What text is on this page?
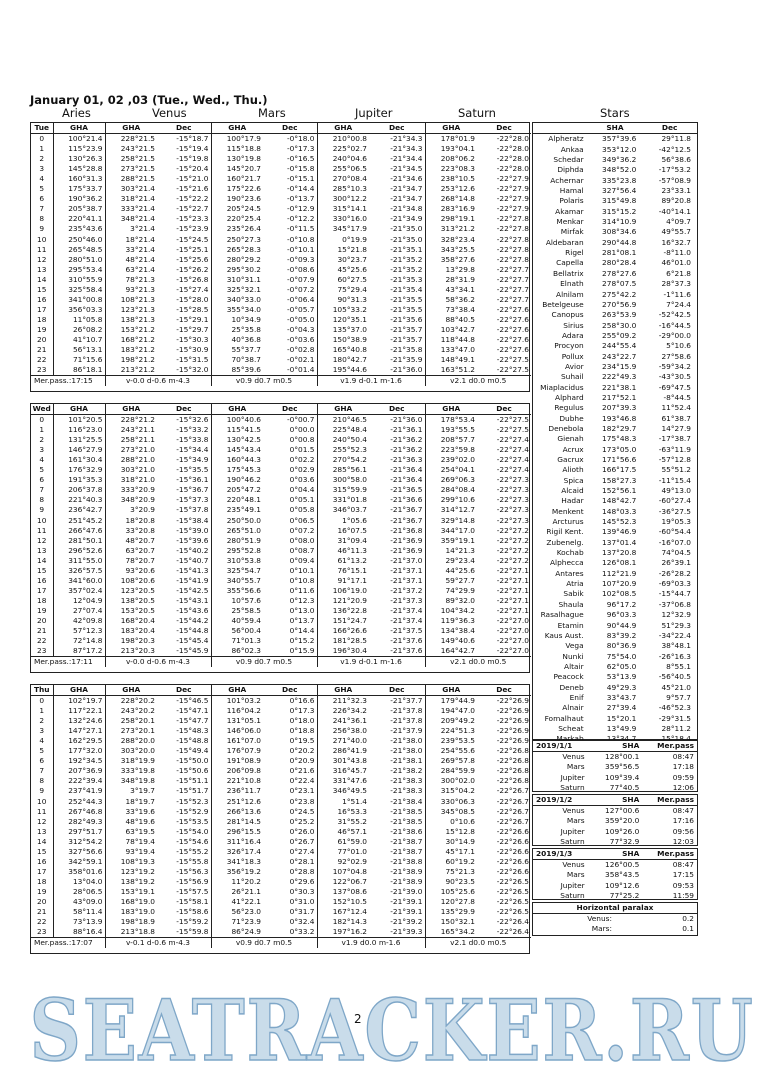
January 01, 02 ,03 (Tue., Wed., Thu.)
Aries	Venus	Mars	Jupiter	Saturn	Stars
Tue	GHA	GHA	Dec	GHA	Dec	GHA	Dec	GHA	Dec
0	100°21.4	228°21.5	-15°18.7	100°17.9	-0°18.0	210°00.8	-21°34.3	178°01.9	-22°28.0
1	115°23.9	243°21.5	-15°19.4	115°18.8	-0°17.3	225°02.7	-21°34.3	193°04.1	-22°28.0
2	130°26.3	258°21.5	-15°19.8	130°19.8	-0°16.5	240°04.6	-21°34.4	208°06.2	-22°28.0
3	145°28.8	273°21.5	-15°20.4	145°20.7	-0°15.8	255°06.5	-21°34.5	223°08.3	-22°28.0
4	160°31.3	288°21.5	-15°21.0	160°21.7	-0°15.1	270°08.4	-21°34.6	238°10.5	-22°27.9
5	175°33.7	303°21.4	-15°21.6	175°22.6	-0°14.4	285°10.3	-21°34.7	253°12.6	-22°27.9
6	190°36.2	318°21.4	-15°22.2	190°23.6	-0°13.7	300°12.2	-21°34.7	268°14.8	-22°27.9
7	205°38.7	333°21.4	-15°22.7	205°24.5	-0°12.9	315°14.1	-21°34.8	283°16.9	-22°27.9
8	220°41.1	348°21.4	-15°23.3	220°25.4	-0°12.2	330°16.0	-21°34.9	298°19.1	-22°27.8
9	235°43.6	3°21.4	-15°23.9	235°26.4	-0°11.5	345°17.9	-21°35.0	313°21.2	-22°27.8
10	250°46.0	18°21.4	-15°24.5	250°27.3	-0°10.8	0°19.9	-21°35.0	328°23.4	-22°27.8
11	265°48.5	33°21.4	-15°25.1	265°28.3	-0°10.1	15°21.8	-21°35.1	343°25.5	-22°27.8
12	280°51.0	48°21.4	-15°25.6	280°29.2	-0°09.3	30°23.7	-21°35.2	358°27.6	-22°27.8
13	295°53.4	63°21.4	-15°26.2	295°30.2	-0°08.6	45°25.6	-21°35.2	13°29.8	-22°27.7
14	310°55.9	78°21.3	-15°26.8	310°31.1	-0°07.9	60°27.5	-21°35.3	28°31.9	-22°27.7
15	325°58.4	93°21.3	-15°27.4	325°32.1	-0°07.2	75°29.4	-21°35.4	43°34.1	-22°27.7
16	341°00.8	108°21.3	-15°28.0	340°33.0	-0°06.4	90°31.3	-21°35.5	58°36.2	-22°27.7
17	356°03.3	123°21.3	-15°28.5	355°34.0	-0°05.7	105°33.2	-21°35.5	73°38.4	-22°27.6
18	11°05.8	138°21.3	-15°29.1	10°34.9	-0°05.0	120°35.1	-21°35.6	88°40.5	-22°27.6
19	26°08.2	153°21.2	-15°29.7	25°35.8	-0°04.3	135°37.0	-21°35.7	103°42.7	-22°27.6
20	41°10.7	168°21.2	-15°30.3	40°36.8	-0°03.6	150°38.9	-21°35.7	118°44.8	-22°27.6
21	56°13.1	183°21.2	-15°30.9	55°37.7	-0°02.8	165°40.8	-21°35.8	133°47.0	-22°27.6
22	71°15.6	198°21.2	-15°31.5	70°38.7	-0°02.1	180°42.7	-21°35.9	148°49.1	-22°27.5
23	86°18.1	213°21.2	-15°32.0	85°39.6	-0°01.4	195°44.6	-21°36.0	163°51.2	-22°27.5
Mer.pass.:17:15		v-0.0 d-0.6 m-4.3		v0.9 d0.7 m0.5		v1.9 d-0.1 m-1.6		v2.1 d0.0 m0.5	
Wed	GHA	GHA	Dec	GHA	Dec	GHA	Dec	GHA	Dec
0	101°20.5	228°21.2	-15°32.6	100°40.6	-0°00.7	210°46.5	-21°36.0	178°53.4	-22°27.5
1	116°23.0	243°21.1	-15°33.2	115°41.5	0°00.0	225°48.4	-21°36.1	193°55.5	-22°27.5
2	131°25.5	258°21.1	-15°33.8	130°42.5	0°00.8	240°50.4	-21°36.2	208°57.7	-22°27.4
3	146°27.9	273°21.0	-15°34.4	145°43.4	0°01.5	255°52.3	-21°36.2	223°59.8	-22°27.4
4	161°30.4	288°21.0	-15°34.9	160°44.3	0°02.2	270°54.2	-21°36.3	239°02.0	-22°27.4
5	176°32.9	303°21.0	-15°35.5	175°45.3	0°02.9	285°56.1	-21°36.4	254°04.1	-22°27.4
6	191°35.3	318°21.0	-15°36.1	190°46.2	0°03.6	300°58.0	-21°36.4	269°06.3	-22°27.3
7	206°37.8	333°20.9	-15°36.7	205°47.2	0°04.4	315°59.9	-21°36.5	284°08.4	-22°27.3
8	221°40.3	348°20.9	-15°37.3	220°48.1	0°05.1	331°01.8	-21°36.6	299°10.6	-22°27.3
9	236°42.7	3°20.9	-15°37.8	235°49.1	0°05.8	346°03.7	-21°36.7	314°12.7	-22°27.3
10	251°45.2	18°20.8	-15°38.4	250°50.0	0°06.5	1°05.6	-21°36.7	329°14.8	-22°27.3
11	266°47.6	33°20.8	-15°39.0	265°51.0	0°07.2	16°07.5	-21°36.8	344°17.0	-22°27.2
12	281°50.1	48°20.7	-15°39.6	280°51.9	0°08.0	31°09.4	-21°36.9	359°19.1	-22°27.2
13	296°52.6	63°20.7	-15°40.2	295°52.8	0°08.7	46°11.3	-21°36.9	14°21.3	-22°27.2
14	311°55.0	78°20.7	-15°40.7	310°53.8	0°09.4	61°13.2	-21°37.0	29°23.4	-22°27.2
15	326°57.5	93°20.6	-15°41.3	325°54.7	0°10.1	76°15.1	-21°37.1	44°25.6	-22°27.1
16	341°60.0	108°20.6	-15°41.9	340°55.7	0°10.8	91°17.1	-21°37.1	59°27.7	-22°27.1
17	357°02.4	123°20.5	-15°42.5	355°56.6	0°11.6	106°19.0	-21°37.2	74°29.9	-22°27.1
18	12°04.9	138°20.5	-15°43.1	10°57.6	0°12.3	121°20.9	-21°37.3	89°32.0	-22°27.1
19	27°07.4	153°20.5	-15°43.6	25°58.5	0°13.0	136°22.8	-21°37.4	104°34.2	-22°27.1
20	42°09.8	168°20.4	-15°44.2	40°59.4	0°13.7	151°24.7	-21°37.4	119°36.3	-22°27.0
21	57°12.3	183°20.4	-15°44.8	56°00.4	0°14.4	166°26.6	-21°37.5	134°38.4	-22°27.0
22	72°14.8	198°20.3	-15°45.4	71°01.3	0°15.2	181°28.5	-21°37.6	149°40.6	-22°27.0
23	87°17.2	213°20.3	-15°45.9	86°02.3	0°15.9	196°30.4	-21°37.6	164°42.7	-22°27.0
Mer.pass.:17:11		v-0.0 d-0.6 m-4.3		v0.9 d0.7 m0.5		v1.9 d-0.1 m-1.6		v2.1 d0.0 m0.5	
Thu	GHA	GHA	Dec	GHA	Dec	GHA	Dec	GHA	Dec
0	102°19.7	228°20.2	-15°46.5	101°03.2	0°16.6	211°32.3	-21°37.7	179°44.9	-22°26.9
1	117°22.1	243°20.2	-15°47.1	116°04.2	0°17.3	226°34.2	-21°37.8	194°47.0	-22°26.9
2	132°24.6	258°20.1	-15°47.7	131°05.1	0°18.0	241°36.1	-21°37.8	209°49.2	-22°26.9
3	147°27.1	273°20.1	-15°48.3	146°06.0	0°18.8	256°38.0	-21°37.9	224°51.3	-22°26.9
4	162°29.5	288°20.0	-15°48.8	161°07.0	0°19.5	271°40.0	-21°38.0	239°53.5	-22°26.9
5	177°32.0	303°20.0	-15°49.4	176°07.9	0°20.2	286°41.9	-21°38.0	254°55.6	-22°26.8
6	192°34.5	318°19.9	-15°50.0	191°08.9	0°20.9	301°43.8	-21°38.1	269°57.8	-22°26.8
7	207°36.9	333°19.8	-15°50.6	206°09.8	0°21.6	316°45.7	-21°38.2	284°59.9	-22°26.8
8	222°39.4	348°19.8	-15°51.1	221°10.8	0°22.4	331°47.6	-21°38.3	300°02.0	-22°26.8
9	237°41.9	3°19.7	-15°51.7	236°11.7	0°23.1	346°49.5	-21°38.3	315°04.2	-22°26.7
10	252°44.3	18°19.7	-15°52.3	251°12.6	0°23.8	1°51.4	-21°38.4	330°06.3	-22°26.7
11	267°46.8	33°19.6	-15°52.9	266°13.6	0°24.5	16°53.3	-21°38.5	345°08.5	-22°26.7
12	282°49.3	48°19.6	-15°53.5	281°14.5	0°25.2	31°55.2	-21°38.5	0°10.6	-22°26.7
13	297°51.7	63°19.5	-15°54.0	296°15.5	0°26.0	46°57.1	-21°38.6	15°12.8	-22°26.6
14	312°54.2	78°19.4	-15°54.6	311°16.4	0°26.7	61°59.0	-21°38.7	30°14.9	-22°26.6
15	327°56.6	93°19.4	-15°55.2	326°17.4	0°27.4	77°01.0	-21°38.7	45°17.1	-22°26.6
16	342°59.1	108°19.3	-15°55.8	341°18.3	0°28.1	92°02.9	-21°38.8	60°19.2	-22°26.6
17	358°01.6	123°19.2	-15°56.3	356°19.2	0°28.8	107°04.8	-21°38.9	75°21.3	-22°26.6
18	13°04.0	138°19.2	-15°56.9	11°20.2	0°29.6	122°06.7	-21°38.9	90°23.5	-22°26.5
19	28°06.5	153°19.1	-15°57.5	26°21.1	0°30.3	137°08.6	-21°39.0	105°25.6	-22°26.5
20	43°09.0	168°19.0	-15°58.1	41°22.1	0°31.0	152°10.5	-21°39.1	120°27.8	-22°26.5
21	58°11.4	183°19.0	-15°58.6	56°23.0	0°31.7	167°12.4	-21°39.1	135°29.9	-22°26.5
22	73°13.9	198°18.9	-15°59.2	71°23.9	0°32.4	182°14.3	-21°39.2	150°32.1	-22°26.4
23	88°16.4	213°18.8	-15°59.8	86°24.9	0°33.2	197°16.2	-21°39.3	165°34.2	-22°26.4
Mer.pass.:17:07		v-0.1 d-0.6 m-4.3		v0.9 d0.7 m0.5		v1.9 d0.0 m-1.6		v2.1 d0.0 m0.5	
	SHA	Dec
Alpheratz	357°39.6	29°11.8
Ankaa	353°12.0	-42°12.5
Schedar	349°36.2	56°38.6
Diphda	348°52.0	-17°53.2
Achernar	335°23.8	-57°08.9
Hamal	327°56.4	23°33.1
Polaris	315°49.8	89°20.8
Akamar	315°15.2	-40°14.1
Menkar	314°10.9	4°09.7
Mirfak	308°34.6	49°55.7
Aldebaran	290°44.8	16°32.7
Rigel	281°08.1	-8°11.0
Capella	280°28.4	46°01.0
Bellatrix	278°27.6	6°21.8
Elnath	278°07.5	28°37.3
Alnilam	275°42.2	-1°11.6
Betelgeuse	270°56.9	7°24.4
Canopus	263°53.9	-52°42.5
Sirius	258°30.0	-16°44.5
Adara	255°09.2	-29°00.0
Procyon	244°55.4	5°10.6
Pollux	243°22.7	27°58.6
Avior	234°15.9	-59°34.2
Suhail	222°49.3	-43°30.5
Miaplacidus	221°38.1	-69°47.5
Alphard	217°52.1	-8°44.5
Regulus	207°39.3	11°52.4
Dubhe	193°46.8	61°38.7
Denebola	182°29.7	14°27.9
Gienah	175°48.3	-17°38.7
Acrux	173°05.0	-63°11.9
Gacrux	171°56.6	-57°12.8
Alioth	166°17.5	55°51.2
Spica	158°27.3	-11°15.4
Alcaid	152°56.1	49°13.0
Hadar	148°42.7	-60°27.4
Menkent	148°03.3	-36°27.5
Arcturus	145°52.3	19°05.3
Rigil Kent.	139°46.9	-60°54.4
Zubenelg.	137°01.4	-16°07.0
Kochab	137°20.8	74°04.5
Alphecca	126°08.1	26°39.1
Antares	112°21.9	-26°28.2
Atria	107°20.9	-69°03.3
Sabik	102°08.5	-15°44.7
Shaula	96°17.2	-37°06.8
Rasalhague	96°03.3	12°32.9
Etamin	90°44.9	51°29.3
Kaus Aust.	83°39.2	-34°22.4
Vega	80°36.9	38°48.1
Nunki	75°54.0	-26°16.3
Altair	62°05.0	8°55.1
Peacock	53°13.9	-56°40.5
Deneb	49°29.3	45°21.0
Enif	33°43.7	9°57.7
Alnair	27°39.4	-46°52.3
Fomalhaut	15°20.1	-29°31.5
Scheat	13°49.9	28°11.2
Markab	13°34.7	15°18.4
2019/1/1	SHA	Mer.pass
Venus	128°00.1	08:47
Mars	359°56.5	17:18
Jupiter	109°39.4	09:59
Saturn	77°40.5	12:06
2019/1/2	SHA	Mer.pass
Venus	127°00.6	08:47
Mars	359°20.0	17:16
Jupiter	109°26.0	09:56
Saturn	77°32.9	12:03
2019/1/3	SHA	Mer.pass
Venus	126°00.5	08:47
Mars	358°43.5	17:15
Jupiter	109°12.6	09:53
Saturn	77°25.2	11:59
Horizontal paralax	
Venus:	0.2
Mars:	0.1
SEATRACKER.RU
2
